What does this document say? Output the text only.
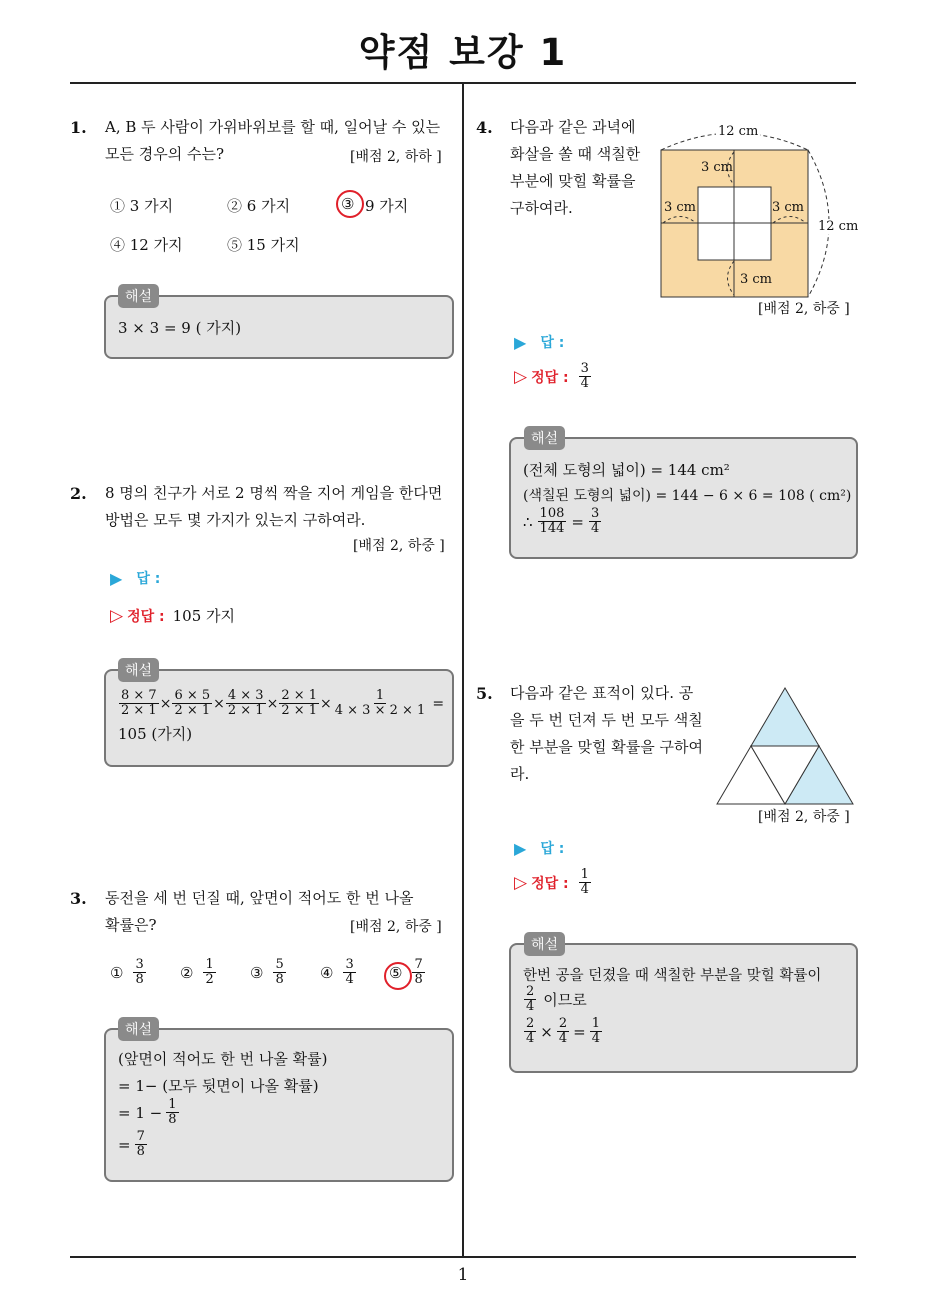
약점 보강 1
1
1. A, B 두 사람이 가위바위보를 할 때, 일어날 수 있는
모든 경우의 수는?	[배점 2, 하하 ]
① 3 가지	② 6 가지	③ 9 가지
④ 12 가지	⑤ 15 가지
3 × 3 = 9 ( 가지)
해설
2. 8 명의 친구가 서로 2 명씩 짝을 지어 게임을 한다면
방법은 모두 몇 가지가 있는지 구하여라.
[배점 2, 하중 ]
▶ 답 :
▷ 정답 : 105 가지
$\frac{8 \times 7}{2 \times 1} \times \frac{6 \times 5}{2 \times 1} \times \frac{4 \times 3}{2 \times 1} \times \frac{2 \times 1}{2 \times 1} \times \frac{1}{4 \times 3 \times 2 \times 1}$ =
105 (가지)
해설
3. 동전을 세 번 던질 때, 앞면이 적어도 한 번 나올
확률은?	[배점 2, 하중 ]
① $\frac{3}{8}$ ② $\frac{1}{2}$ ③ $\frac{5}{8}$ ④ $\frac{3}{4}$ ⑤ $\frac{7}{8}$
(앞면이 적어도 한 번 나올 확률)
= 1− (모두 뒷면이 나올 확률)
= $1 - \frac{1}{8}$
= $\frac{7}{8}$
해설
4. 다음과 같은 과녁에
화살을 쏠 때 색칠한
부분에 맞힐 확률을
구하여라.
12 cm
12 cm
3 cm
3 cm	3 cm
3 cm
[배점 2, 하중 ]
▶ 답 :
▷ 정답 : $\frac{3}{4}$
(전체 도형의 넓이) = 144 cm²
(색칠된 도형의 넓이) = 144 − 6 × 6 = 108 ( cm²)
∴ $\frac{108}{144} = \frac{3}{4}$
해설
5. 다음과 같은 표적이 있다. 공
을 두 번 던져 두 번 모두 색칠
한 부분을 맞힐 확률을 구하여
라.
[배점 2, 하중 ]
▶ 답 :
▷ 정답 : $\frac{1}{4}$
한번 공을 던졌을 때 색칠한 부분을 맞힐 확률이
$\frac{2}{4}$ 이므로
$\frac{2}{4} \times \frac{2}{4} = \frac{1}{4}$
해설
